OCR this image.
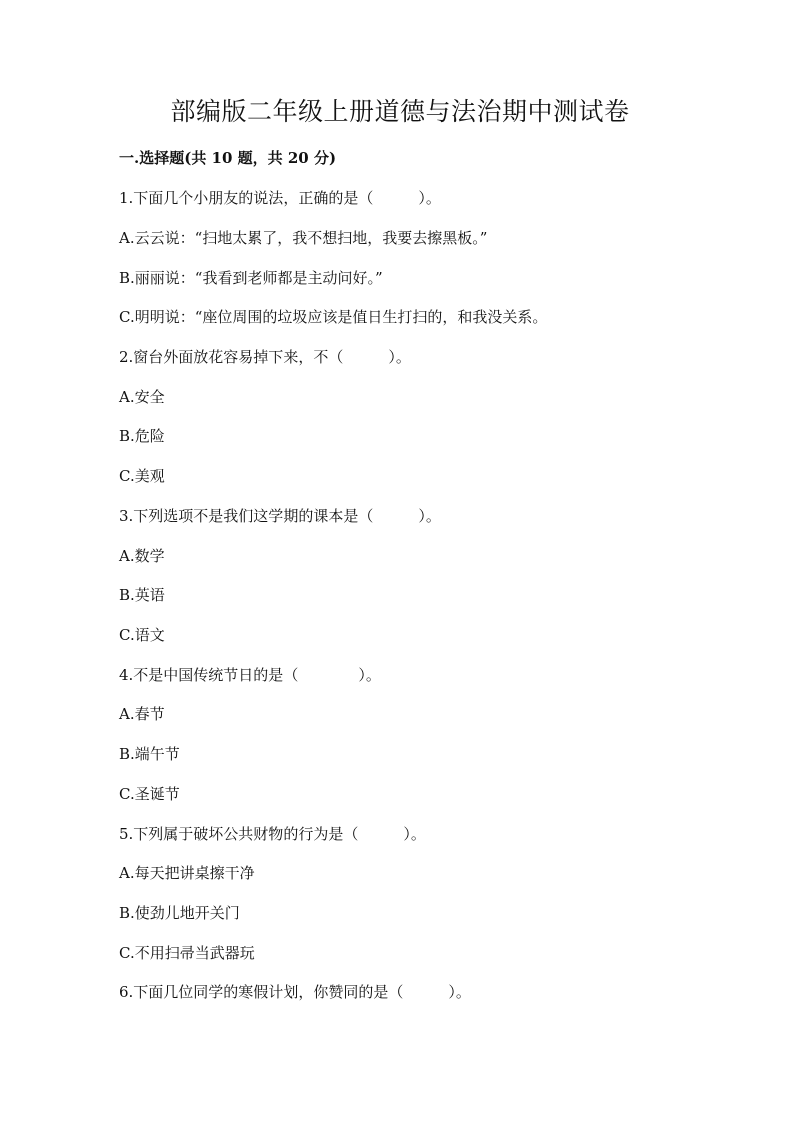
部编版二年级上册道德与法治期中测试卷
一.选择题(共 10 题，共 20 分)
1.下面几个小朋友的说法，正确的是（　　　）。
A.云云说：“扫地太累了，我不想扫地，我要去擦黑板。”
B.丽丽说：“我看到老师都是主动问好。”
C.明明说：“座位周围的垃圾应该是值日生打扫的，和我没关系。
2.窗台外面放花容易掉下来，不（　　　）。
A.安全
B.危险
C.美观
3.下列选项不是我们这学期的课本是（　　　）。
A.数学
B.英语
C.语文
4.不是中国传统节日的是（　　　　）。
A.春节
B.端午节
C.圣诞节
5.下列属于破坏公共财物的行为是（　　　）。
A.每天把讲桌擦干净
B.使劲儿地开关门
C.不用扫帚当武器玩
6.下面几位同学的寒假计划，你赞同的是（　　　）。
